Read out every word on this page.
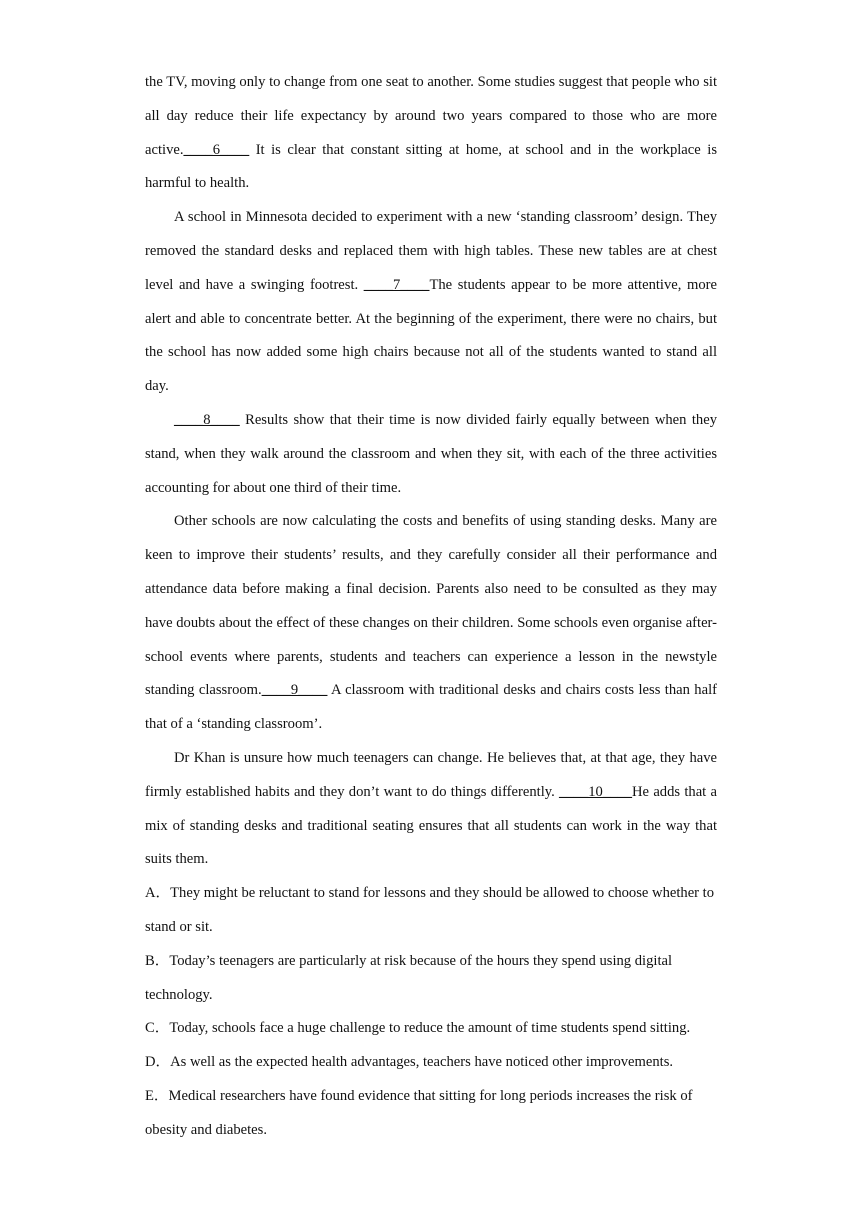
the TV, moving only to change from one seat to another. Some studies suggest that people who sit all day reduce their life expectancy by around two years compared to those who are more active.____6____ It is clear that constant sitting at home, at school and in the workplace is harmful to health.

A school in Minnesota decided to experiment with a new ‘standing classroom’ design. They removed the standard desks and replaced them with high tables. These new tables are at chest level and have a swinging footrest. ____7____The students appear to be more attentive, more alert and able to concentrate better. At the beginning of the experiment, there were no chairs, but the school has now added some high chairs because not all of the students wanted to stand all day.

____8____ Results show that their time is now divided fairly equally between when they stand, when they walk around the classroom and when they sit, with each of the three activities accounting for about one third of their time.

Other schools are now calculating the costs and benefits of using standing desks. Many are keen to improve their students’ results, and they carefully consider all their performance and attendance data before making a final decision. Parents also need to be consulted as they may have doubts about the effect of these changes on their children. Some schools even organise after-school events where parents, students and teachers can experience a lesson in the newstyle standing classroom.____9____ A classroom with traditional desks and chairs costs less than half that of a ‘standing classroom’.

Dr Khan is unsure how much teenagers can change. He believes that, at that age, they have firmly established habits and they don’t want to do things differently. ____10____He adds that a mix of standing desks and traditional seating ensures that all students can work in the way that suits them.

A．They might be reluctant to stand for lessons and they should be allowed to choose whether to stand or sit.

B．Today’s teenagers are particularly at risk because of the hours they spend using digital technology.

C．Today, schools face a huge challenge to reduce the amount of time students spend sitting.

D．As well as the expected health advantages, teachers have noticed other improvements.

E．Medical researchers have found evidence that sitting for long periods increases the risk of obesity and diabetes.
